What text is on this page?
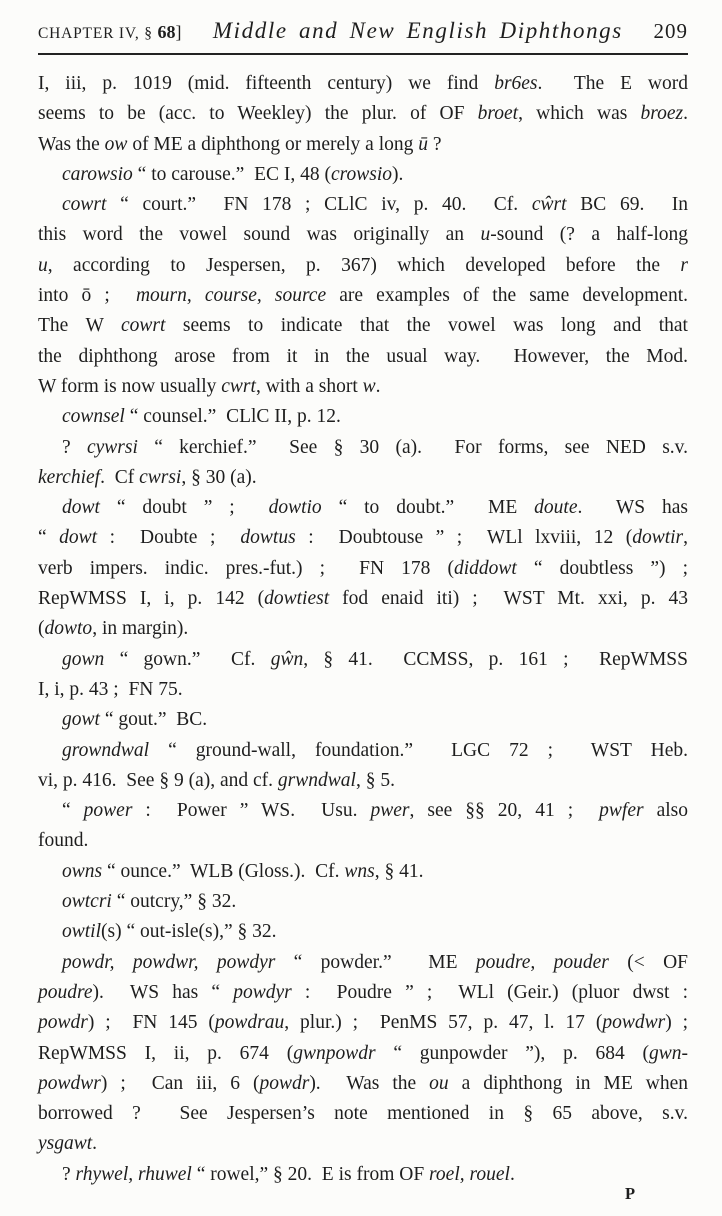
CHAPTER IV, § 68]	Middle and New English Diphthongs	209
I, iii, p. 1019 (mid. fifteenth century) we find br6es.  The E word
seems to be (acc. to Weekley) the plur. of OF broet, which was broez.
Was the ow of ME a diphthong or merely a long ū ?
carowsio “ to carouse.”  EC I, 48 (crowsio).
cowrt “ court.”  FN 178 ; CLlC iv, p. 40.  Cf. cŵrt BC 69.  In
this word the vowel sound was originally an u-sound (? a half-long
u, according to Jespersen, p. 367) which developed before the r
into ō ;  mourn, course, source are examples of the same development.
The W cowrt seems to indicate that the vowel was long and that
the diphthong arose from it in the usual way.  However, the Mod.
W form is now usually cwrt, with a short w.
cownsel “ counsel.”  CLlC II, p. 12.
? cywrsi “ kerchief.”  See § 30 (a).  For forms, see NED s.v.
kerchief.  Cf cwrsi, § 30 (a).
dowt “ doubt ” ;  dowtio “ to doubt.”  ME doute.  WS has
“ dowt :  Doubte ;  dowtus :  Doubtouse ” ;  WLl lxviii, 12 (dowtir,
verb impers. indic. pres.-fut.) ;  FN 178 (diddowt “ doubtless ”) ;
RepWMSS I, i, p. 142 (dowtiest fod enaid iti) ;  WST Mt. xxi, p. 43
(dowto, in margin).
gown “ gown.”  Cf. gŵn, § 41.  CCMSS, p. 161 ;  RepWMSS
I, i, p. 43 ;  FN 75.
gowt “ gout.”  BC.
growndwal “ ground-wall, foundation.”  LGC 72 ;  WST Heb.
vi, p. 416.  See § 9 (a), and cf. grwndwal, § 5.
“ power :  Power ” WS.  Usu. pwer, see §§ 20, 41 ;  pwfer also
found.
owns “ ounce.”  WLB (Gloss.).  Cf. wns, § 41.
owtcri “ outcry,” § 32.
owtil(s) “ out-isle(s),” § 32.
powdr, powdwr, powdyr “ powder.”  ME poudre, pouder (< OF
poudre).  WS has “ powdyr :  Poudre ” ;  WLl (Geir.) (pluor dwst :
powdr) ;  FN 145 (powdrau, plur.) ;  PenMS 57, p. 47, l. 17 (powdwr) ;
RepWMSS I, ii, p. 674 (gwnpowdr “ gunpowder ”), p. 684 (gwn-
powdwr) ;  Can iii, 6 (powdr).  Was the ou a diphthong in ME when
borrowed ?  See Jespersen’s note mentioned in § 65 above, s.v.
ysgawt.
? rhywel, rhuwel “ rowel,” § 20.  E is from OF roel, rouel.
P
